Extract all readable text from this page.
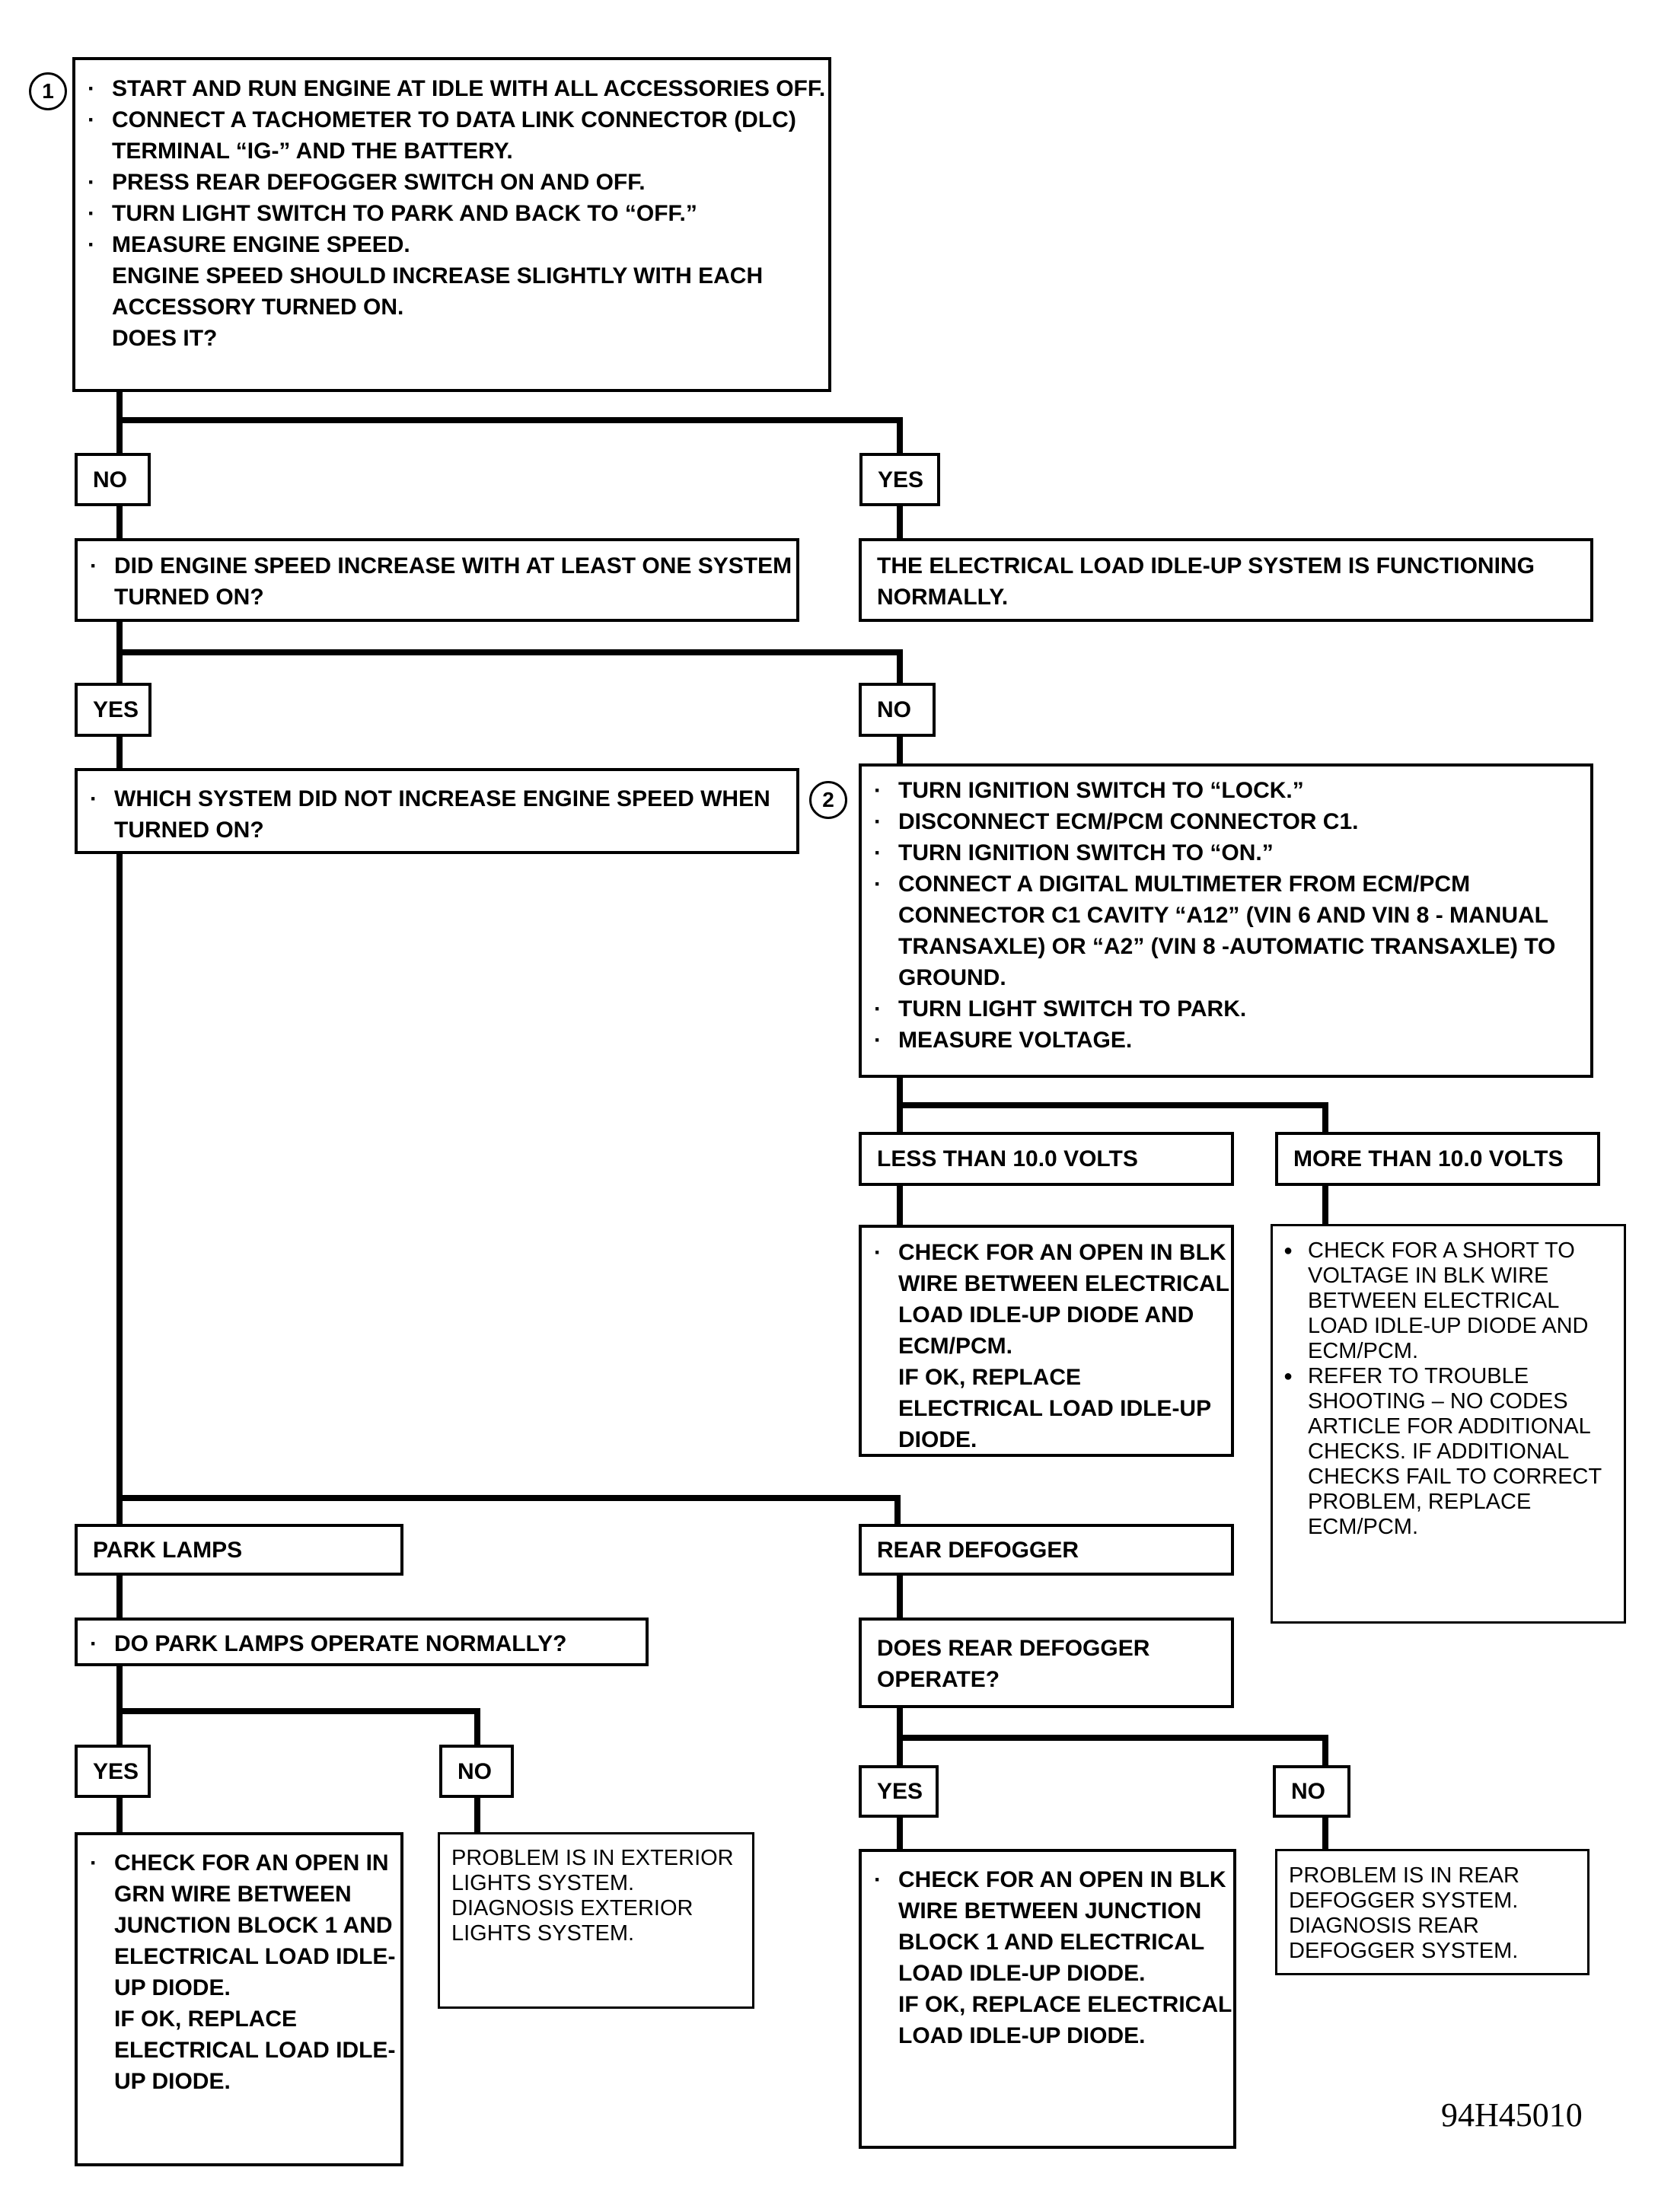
1
2
· START AND RUN ENGINE AT IDLE WITH ALL ACCESSORIES OFF.
· CONNECT A TACHOMETER TO DATA LINK CONNECTOR (DLC) TERMINAL “IG-” AND THE BATTERY.
· PRESS REAR DEFOGGER SWITCH ON AND OFF.
· TURN LIGHT SWITCH TO PARK AND BACK TO “OFF.”
· MEASURE ENGINE SPEED.

ENGINE SPEED SHOULD INCREASE SLIGHTLY WITH EACH ACCESSORY TURNED ON.

DOES IT?

NO	YES
· DID ENGINE SPEED INCREASE WITH AT LEAST ONE SYSTEM TURNED ON?

THE ELECTRICAL LOAD IDLE-UP SYSTEM IS FUNCTIONING NORMALLY.

YES	NO
· WHICH SYSTEM DID NOT INCREASE ENGINE SPEED WHEN TURNED ON?
· TURN IGNITION SWITCH TO “LOCK.”
· DISCONNECT ECM/PCM CONNECTOR C1.
· TURN IGNITION SWITCH TO “ON.”
· CONNECT A DIGITAL MULTIMETER FROM ECM/PCM CONNECTOR C1 CAVITY “A12” (VIN 6 AND VIN 8 - MANUAL TRANSAXLE) OR “A2” (VIN 8 -AUTOMATIC TRANSAXLE) TO GROUND.
· TURN LIGHT SWITCH TO PARK.
· MEASURE VOLTAGE.
LESS THAN 10.0 VOLTS	MORE THAN 10.0 VOLTS
· CHECK FOR AN OPEN IN BLK WIRE BETWEEN ELECTRICAL LOAD IDLE-UP DIODE AND ECM/PCM.

IF OK, REPLACE ELECTRICAL LOAD IDLE-UP DIODE.

● CHECK FOR A SHORT TO VOLTAGE IN BLK WIRE BETWEEN ELECTRICAL LOAD IDLE-UP DIODE AND ECM/PCM.
● REFER TO TROUBLE SHOOTING – NO CODES ARTICLE FOR ADDITIONAL CHECKS. IF ADDITIONAL CHECKS FAIL TO CORRECT PROBLEM, REPLACE ECM/PCM.
PARK LAMPS
· DO PARK LAMPS OPERATE NORMALLY?
YES	NO
· CHECK FOR AN OPEN IN GRN WIRE BETWEEN JUNCTION BLOCK 1 AND ELECTRICAL LOAD IDLE-UP DIODE.

IF OK, REPLACE ELECTRICAL LOAD IDLE-UP DIODE.

PROBLEM IS IN EXTERIOR LIGHTS SYSTEM. DIAGNOSIS EXTERIOR LIGHTS SYSTEM.

REAR DEFOGGER

DOES REAR DEFOGGER OPERATE?

YES	NO
· CHECK FOR AN OPEN IN BLK WIRE BETWEEN JUNCTION BLOCK 1 AND ELECTRICAL LOAD IDLE-UP DIODE.

IF OK, REPLACE ELECTRICAL LOAD IDLE-UP DIODE.

PROBLEM IS IN REAR DEFOGGER SYSTEM. DIAGNOSIS REAR DEFOGGER SYSTEM.

94H45010
